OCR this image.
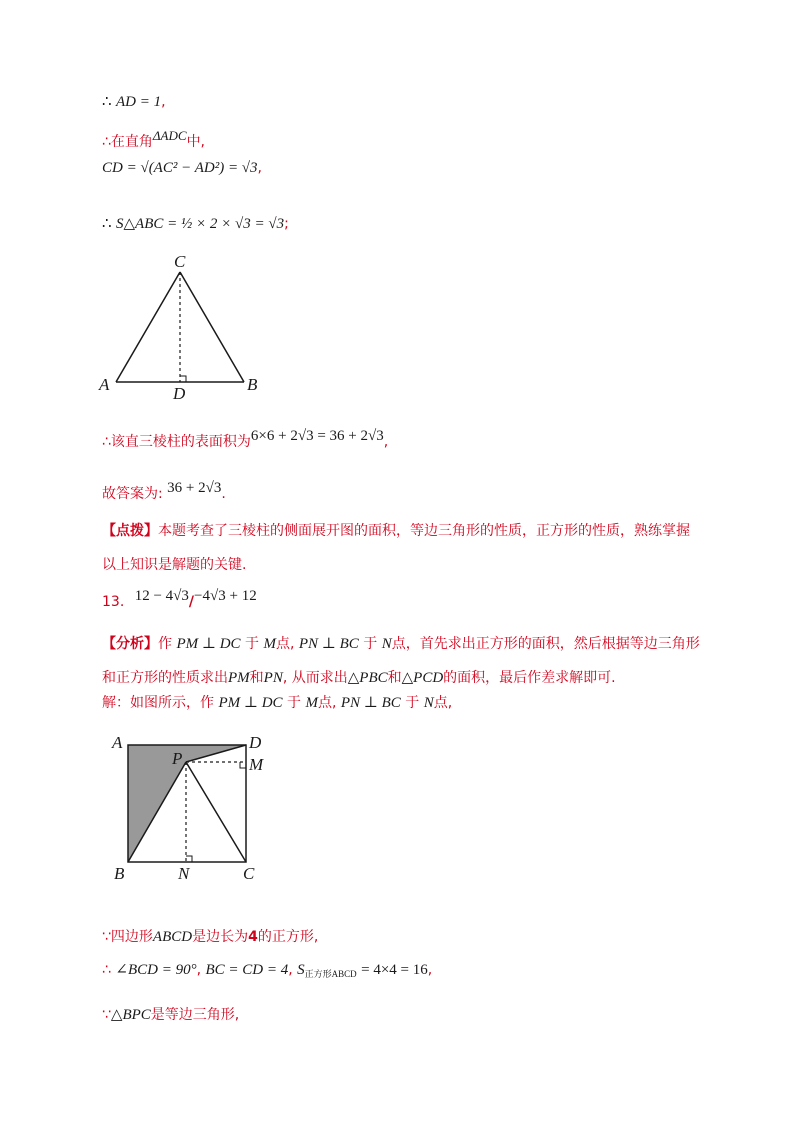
∴ AD = 1,
∴在直角ΔADC中,
CD = √(AC² − AD²) = √3,
∴ S△ABC = ½ × 2 × √3 = √3;
C
A	B
D
∴该直三棱柱的表面积为6×6 + 2√3 = 36 + 2√3,
故答案为: 36 + 2√3.
【点拨】本题考查了三棱柱的侧面展开图的面积，等边三角形的性质，正方形的性质，熟练掌握以上知识是解题的关键.
13. 12 − 4√3/−4√3 + 12
【分析】作 PM ⊥ DC 于 M点, PN ⊥ BC 于 N点，首先求出正方形的面积，然后根据等边三角形和正方形的性质求出PM和PN, 从而求出△PBC和△PCD的面积，最后作差求解即可.
解：如图所示，作 PM ⊥ DC 于 M点, PN ⊥ BC 于 N点,
A	D
P	M
B	N	C
∵四边形ABCD是边长为4的正方形,
∴ ∠BCD = 90°, BC = CD = 4, $S_{正方形ABCD} = 4\times 4 = 16$,
∵△BPC是等边三角形,
